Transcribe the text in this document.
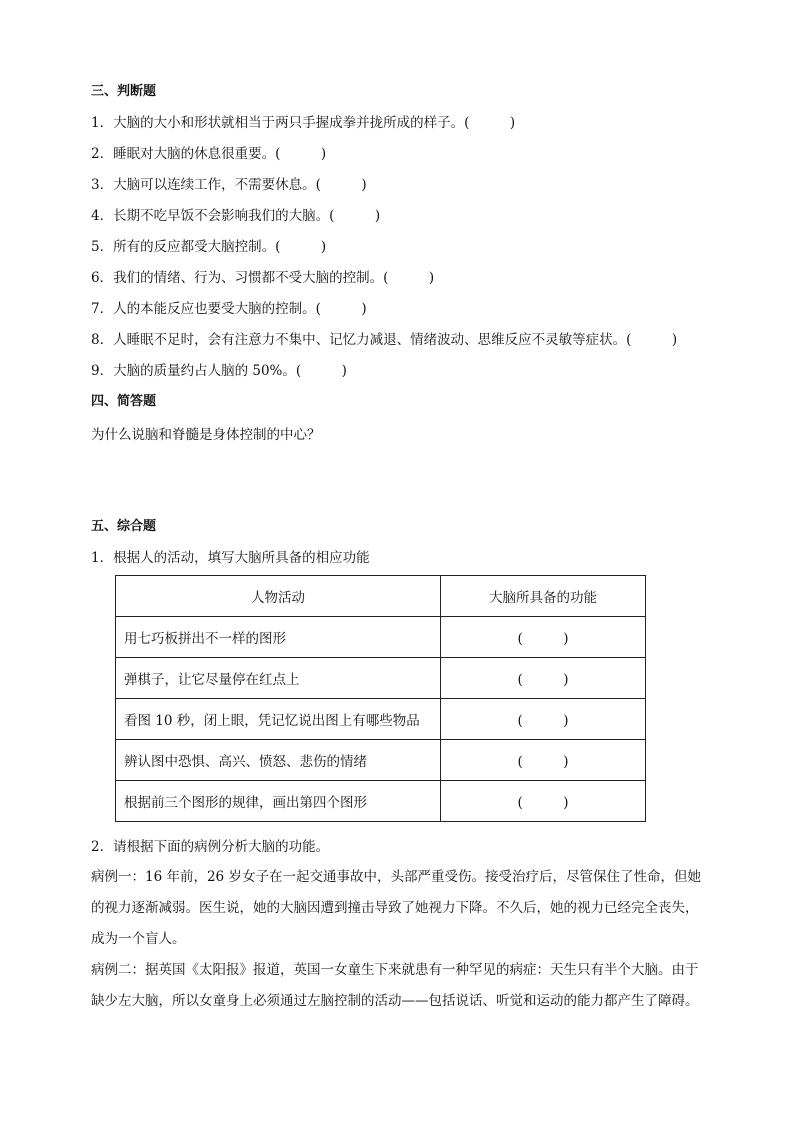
三、判断题
1．大脑的大小和形状就相当于两只手握成拳并拢所成的样子。(　　　)
2．睡眠对大脑的休息很重要。(　　　)
3．大脑可以连续工作，不需要休息。(　　　)
4．长期不吃早饭不会影响我们的大脑。(　　　)
5．所有的反应都受大脑控制。(　　　)
6．我们的情绪、行为、习惯都不受大脑的控制。(　　　)
7．人的本能反应也要受大脑的控制。(　　　)
8．人睡眠不足时，会有注意力不集中、记忆力减退、情绪波动、思维反应不灵敏等症状。(　　　)
9．大脑的质量约占人脑的 50%。(　　　)
四、简答题
为什么说脑和脊髓是身体控制的中心？
五、综合题
1．根据人的活动，填写大脑所具备的相应功能
人物活动	大脑所具备的功能
用七巧板拼出不一样的图形	(　　　)
弹棋子，让它尽量停在红点上	(　　　)
看图 10 秒，闭上眼，凭记忆说出图上有哪些物品	(　　　)
辨认图中恐惧、高兴、愤怒、悲伤的情绪	(　　　)
根据前三个图形的规律，画出第四个图形	(　　　)
2．请根据下面的病例分析大脑的功能。
病例一：16 年前，26 岁女子在一起交通事故中，头部严重受伤。接受治疗后，尽管保住了性命，但她的视力逐渐减弱。医生说，她的大脑因遭到撞击导致了她视力下降。不久后，她的视力已经完全丧失，成为一个盲人。
病例二：据英国《太阳报》报道，英国一女童生下来就患有一种罕见的病症：天生只有半个大脑。由于缺少左大脑，所以女童身上必须通过左脑控制的活动——包括说话、听觉和运动的能力都产生了障碍。
